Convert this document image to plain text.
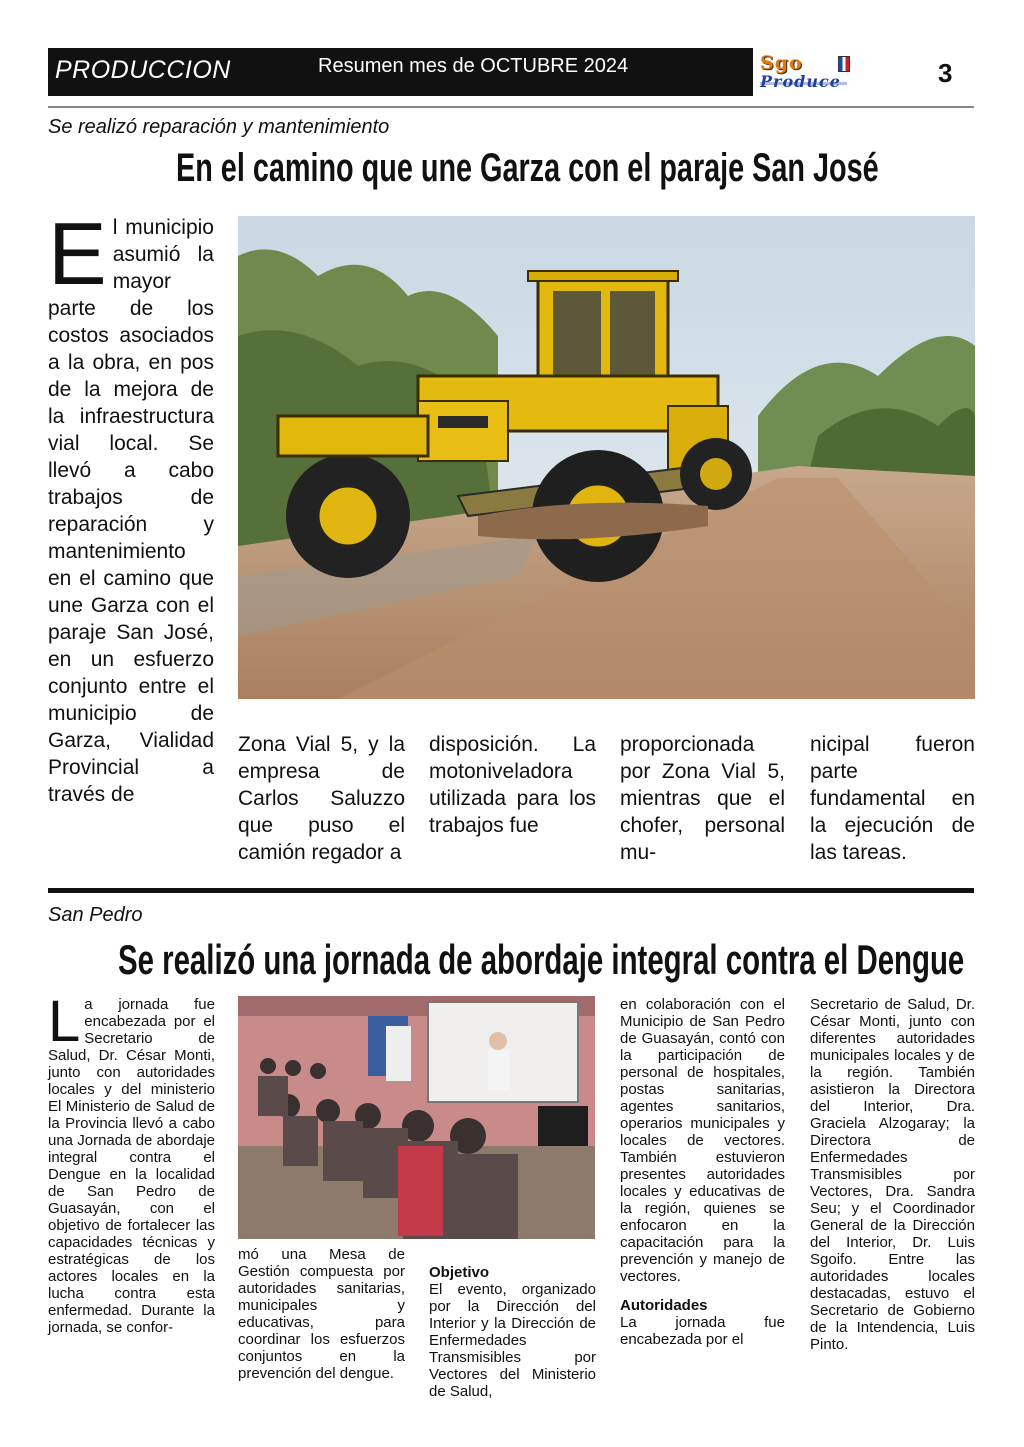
PRODUCCION	Resumen mes de OCTUBRE 2024	Sgo
Produce	3
Se realizó reparación y mantenimiento
En el camino que une Garza con el paraje San José
E l municipio asumió la mayor parte de los costos asociados a la obra, en pos de la mejora de la infraestructura vial local. Se llevó a cabo trabajos de reparación y mantenimiento en el camino que une Garza con el paraje San José, en un esfuerzo conjunto entre el municipio de Garza, Vialidad Provincial a través de

Zona Vial 5, y la empresa de Carlos Saluzzo que puso el camión regador a
disposición. La motoniveladora utilizada para los trabajos fue
proporcionada por Zona Vial 5, mientras que el chofer, personal mu-
nicipal fueron parte fundamental en la ejecución de las tareas.
San Pedro
Se realizó una jornada de abordaje integral contra el Dengue
L a jornada fue encabezada por el Secretario de Salud, Dr. César Monti, junto con autoridades locales y del ministerio El Ministerio de Salud de la Provincia llevó a cabo una Jornada de abordaje integral contra el Dengue en la localidad de San Pedro de Guasayán, con el objetivo de fortalecer las capacidades técnicas y estratégicas de los actores locales en la lucha contra esta enfermedad. Durante la jornada, se confor-

mó una Mesa de Gestión compuesta por autoridades sanitarias, municipales y educativas, para coordinar los esfuerzos conjuntos en la prevención del dengue.
Objetivo

El evento, organizado por la Dirección del Interior y la Dirección de Enfermedades Transmisibles por Vectores del Ministerio de Salud,

en colaboración con el Municipio de San Pedro de Guasayán, contó con la participación de personal de hospitales, postas sanitarias, agentes sanitarios, operarios municipales y locales de vectores. También estuvieron presentes autoridades locales y educativas de la región, quienes se enfocaron en la capacitación para la prevención y manejo de vectores.

Autoridades

La jornada fue encabezada por el

Secretario de Salud, Dr. César Monti, junto con diferentes autoridades municipales locales y de la región. También asistieron la Directora del Interior, Dra. Graciela Alzogaray; la Directora de Enfermedades Transmisibles por Vectores, Dra. Sandra Seu; y el Coordinador General de la Dirección del Interior, Dr. Luis Sgoifo. Entre las autoridades locales destacadas, estuvo el Secretario de Gobierno de la Intendencia, Luis Pinto.
